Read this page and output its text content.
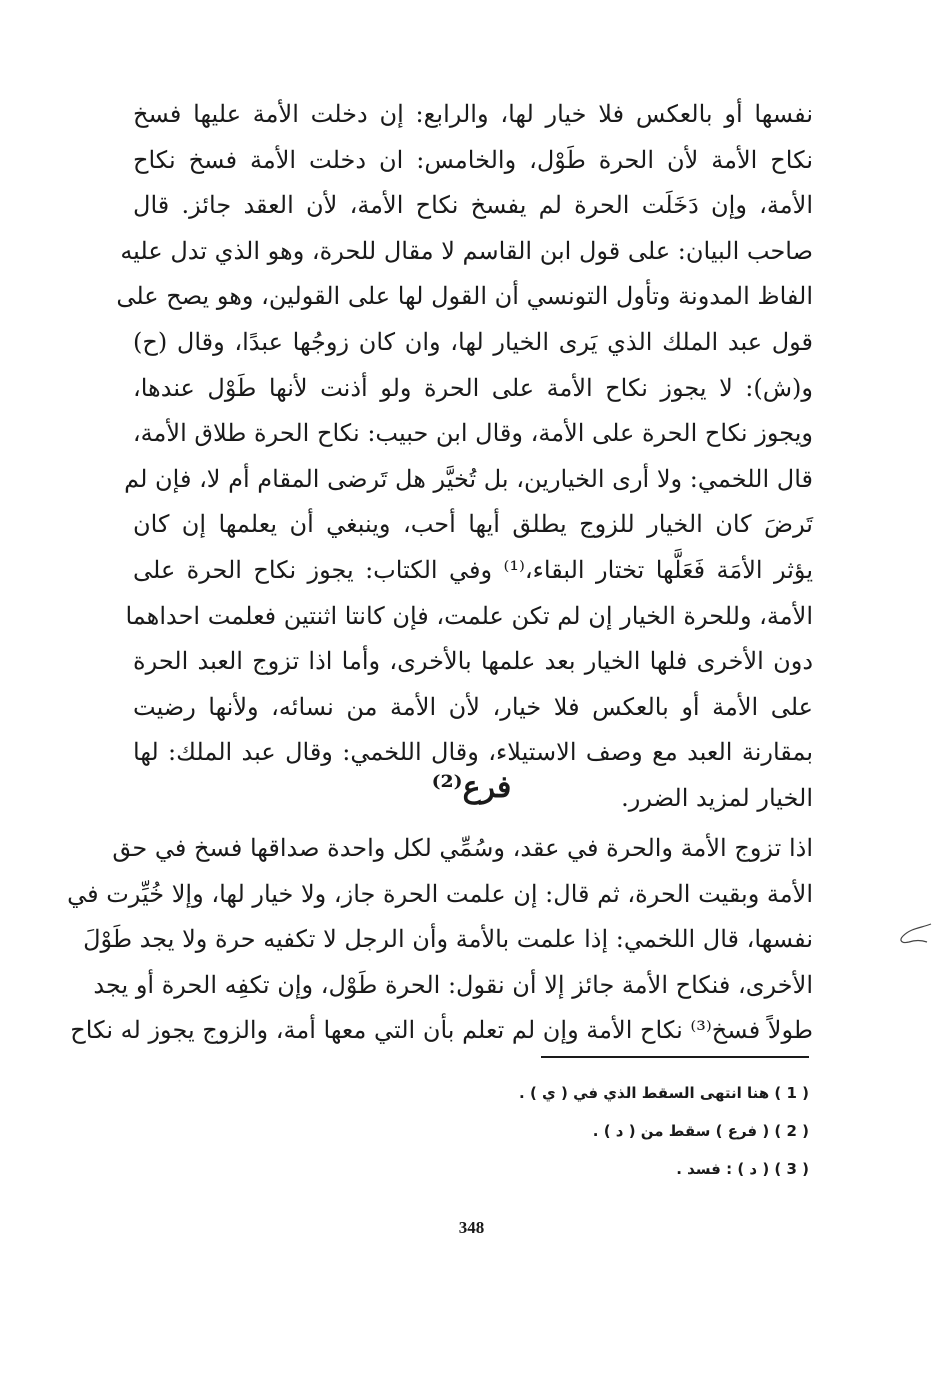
نفسها أو بالعكس فلا خيار لها، والرابع: إن دخلت الأمة عليها فسخ
نكاح الأمة لأن الحرة طَوْل، والخامس: ان دخلت الأمة فسخ نكاح
الأمة، وإن دَخَلَت الحرة لم يفسخ نكاح الأمة، لأن العقد جائز. قال
صاحب البيان: على قول ابن القاسم لا مقال للحرة، وهو الذي تدل عليه
الفاظ المدونة وتأول التونسي أن القول لها على القولين، وهو يصح على
قول عبد الملك الذي يَرى الخيار لها، وان كان زوجُها عبدًا، وقال (ح)
و(ش): لا يجوز نكاح الأمة على الحرة ولو أذنت لأنها طَوْل عندها،
ويجوز نكاح الحرة على الأمة، وقال ابن حبيب: نكاح الحرة طلاق الأمة،
قال اللخمي: ولا أرى الخيارين، بل تُخيَّر هل تَرضى المقام أم لا، فإن لم
تَرضَ كان الخيار للزوج يطلق أيها أحب، وينبغي أن يعلمها إن كان
يؤثر الأمَة فَعَلَّها تختار البقاء،⁽¹⁾ وفي الكتاب: يجوز نكاح الحرة على
الأمة، وللحرة الخيار إن لم تكن علمت، فإن كانتا اثنتين فعلمت احداهما
دون الأخرى فلها الخيار بعد علمها بالأخرى، وأما اذا تزوج العبد الحرة
على الأمة أو بالعكس فلا خيار، لأن الأمة من نسائه، ولأنها رضيت
بمقارنة العبد مع وصف الاستيلاء، وقال اللخمي: وقال عبد الملك: لها
الخيار لمزيد الضرر.
فرع⁽²⁾
اذا تزوج الأمة والحرة في عقد، وسُمِّي لكل واحدة صداقها فسخ في حق
الأمة وبقيت الحرة، ثم قال: إن علمت الحرة جاز، ولا خيار لها، وإلا خُيِّرت في
نفسها، قال اللخمي: إذا علمت بالأمة وأن الرجل لا تكفيه حرة ولا يجد طَوْلَ
الأخرى، فنكاح الأمة جائز إلا أن نقول: الحرة طَوْل، وإن تكفِه الحرة أو يجد
طولاً فسخ⁽³⁾ نكاح الأمة وإن لم تعلم بأن التي معها أمة، والزوج يجوز له نكاح
( 1 ) هنا انتهى السقط الذي في ( ي ) .
( 2 ) ( فرع ) سقط من ( د ) .
( 3 ) ( د ) : فسد .
348
